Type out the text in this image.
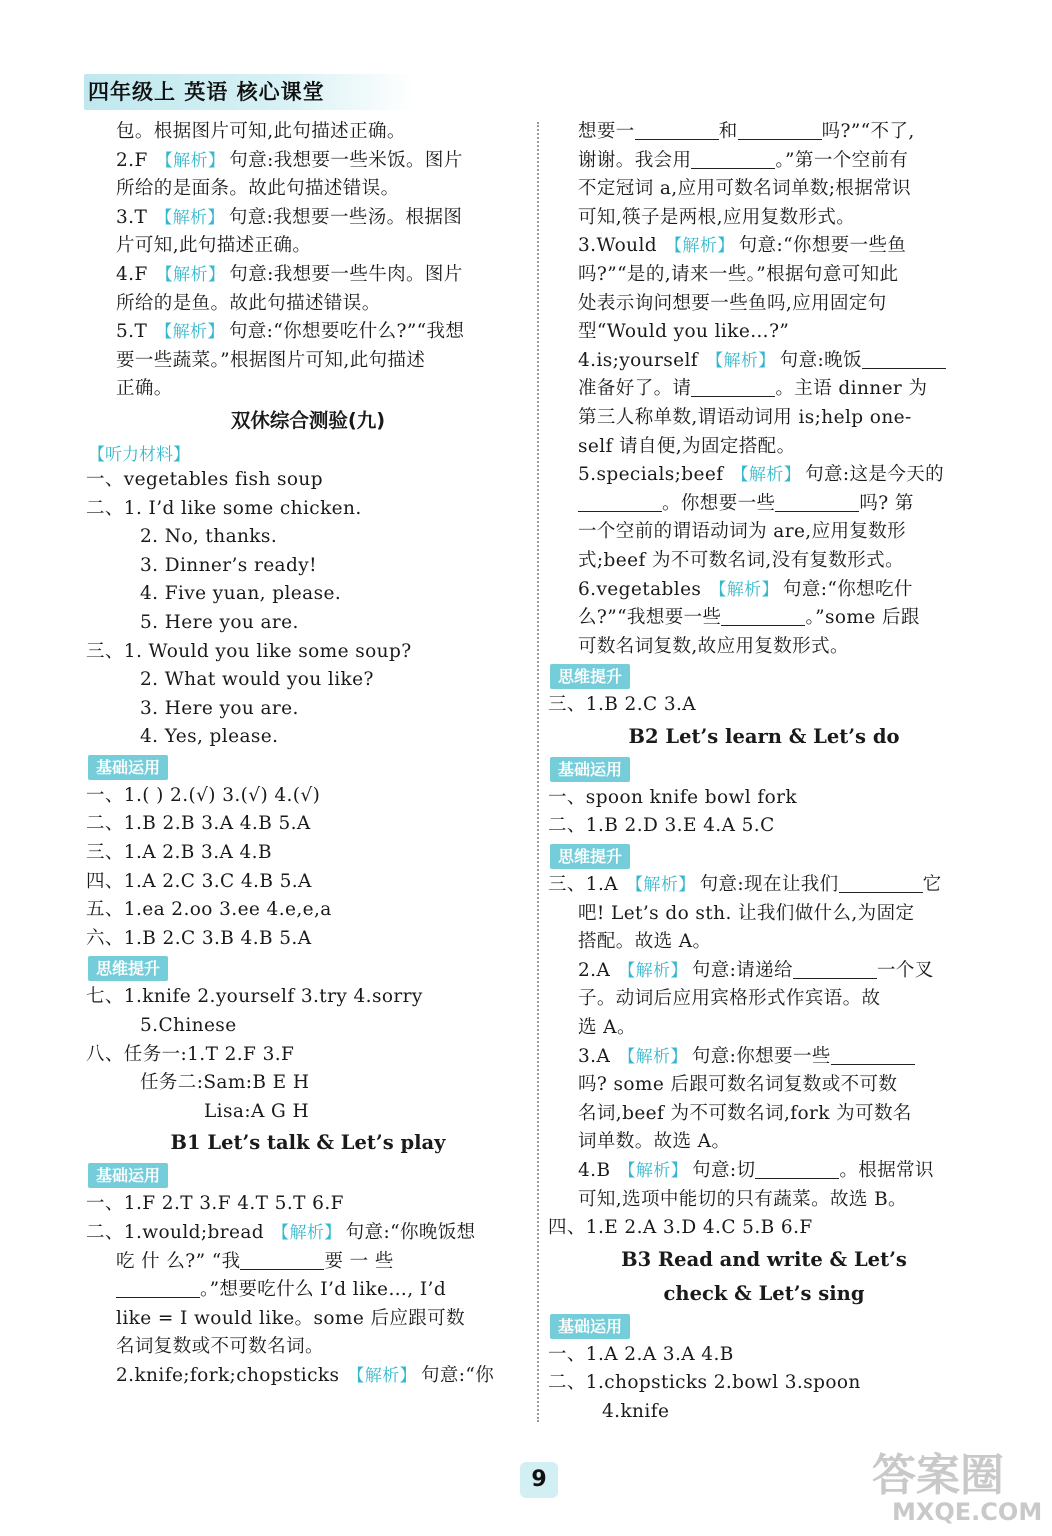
四年级上 英语 核心课堂
包。根据图片可知,此句描述正确。
2.F 【解析】 句意:我想要一些米饭。图片
所给的是面条。故此句描述错误。
3.T 【解析】 句意:我想要一些汤。根据图
片可知,此句描述正确。
4.F 【解析】 句意:我想要一些牛肉。图片
所给的是鱼。故此句描述错误。
5.T 【解析】 句意:“你想要吃什么?”“我想
要一些蔬菜。”根据图片可知,此句描述
正确。
双休综合测验(九)
【听力材料】
一、vegetables fish soup
二、1. I’d like some chicken.
2. No, thanks.
3. Dinner’s ready!
4. Five yuan, please.
5. Here you are.
三、1. Would you like some soup?
2. What would you like?
3. Here you are.
4. Yes, please.
基础运用
一、1.( ) 2.(√) 3.(√) 4.(√)
二、1.B 2.B 3.A 4.B 5.A
三、1.A 2.B 3.A 4.B
四、1.A 2.C 3.C 4.B 5.A
五、1.ea 2.oo 3.ee 4.e,e,a
六、1.B 2.C 3.B 4.B 5.A
思维提升
七、1.knife 2.yourself 3.try 4.sorry
5.Chinese
八、任务一:1.T 2.F 3.F
任务二:Sam:B E H
Lisa:A G H
B1 Let’s talk & Let’s play
基础运用
一、1.F 2.T 3.F 4.T 5.T 6.F
二、1.would;bread 【解析】 句意:“你晚饭想
吃 什 么?” “我	要 一 些
。”想要吃什么 I’d like…, I’d
like = I would like。some 后应跟可数
名词复数或不可数名词。
2.knife;fork;chopsticks 【解析】 句意:“你
想要一	和	吗?”“不了,
谢谢。我会用	。”第一个空前有
不定冠词 a,应用可数名词单数;根据常识
可知,筷子是两根,应用复数形式。
3.Would 【解析】 句意:“你想要一些鱼
吗?”“是的,请来一些。”根据句意可知此
处表示询问想要一些鱼吗,应用固定句
型“Would you like…?”
4.is;yourself 【解析】 句意:晚饭
准备好了。请	。主语 dinner 为
第三人称单数,谓语动词用 is;help one-
self 请自便,为固定搭配。
5.specials;beef 【解析】 句意:这是今天的
。你想要一些	吗? 第
一个空前的谓语动词为 are,应用复数形
式;beef 为不可数名词,没有复数形式。
6.vegetables 【解析】 句意:“你想吃什
么?”“我想要一些	。”some 后跟
可数名词复数,故应用复数形式。
思维提升
三、1.B 2.C 3.A
B2 Let’s learn & Let’s do
基础运用
一、spoon knife bowl fork
二、1.B 2.D 3.E 4.A 5.C
思维提升
三、1.A 【解析】 句意:现在让我们	它
吧! Let’s do sth. 让我们做什么,为固定
搭配。故选 A。
2.A 【解析】 句意:请递给	一个叉
子。动词后应用宾格形式作宾语。故
选 A。
3.A 【解析】 句意:你想要一些
吗? some 后跟可数名词复数或不可数
名词,beef 为不可数名词,fork 为可数名
词单数。故选 A。
4.B 【解析】 句意:切	。根据常识
可知,选项中能切的只有蔬菜。故选 B。
四、1.E 2.A 3.D 4.C 5.B 6.F
B3 Read and write & Let’s
check & Let’s sing
基础运用
一、1.A 2.A 3.A 4.B
二、1.chopsticks 2.bowl 3.spoon
4.knife
9	答案圈
MXQE.COM
